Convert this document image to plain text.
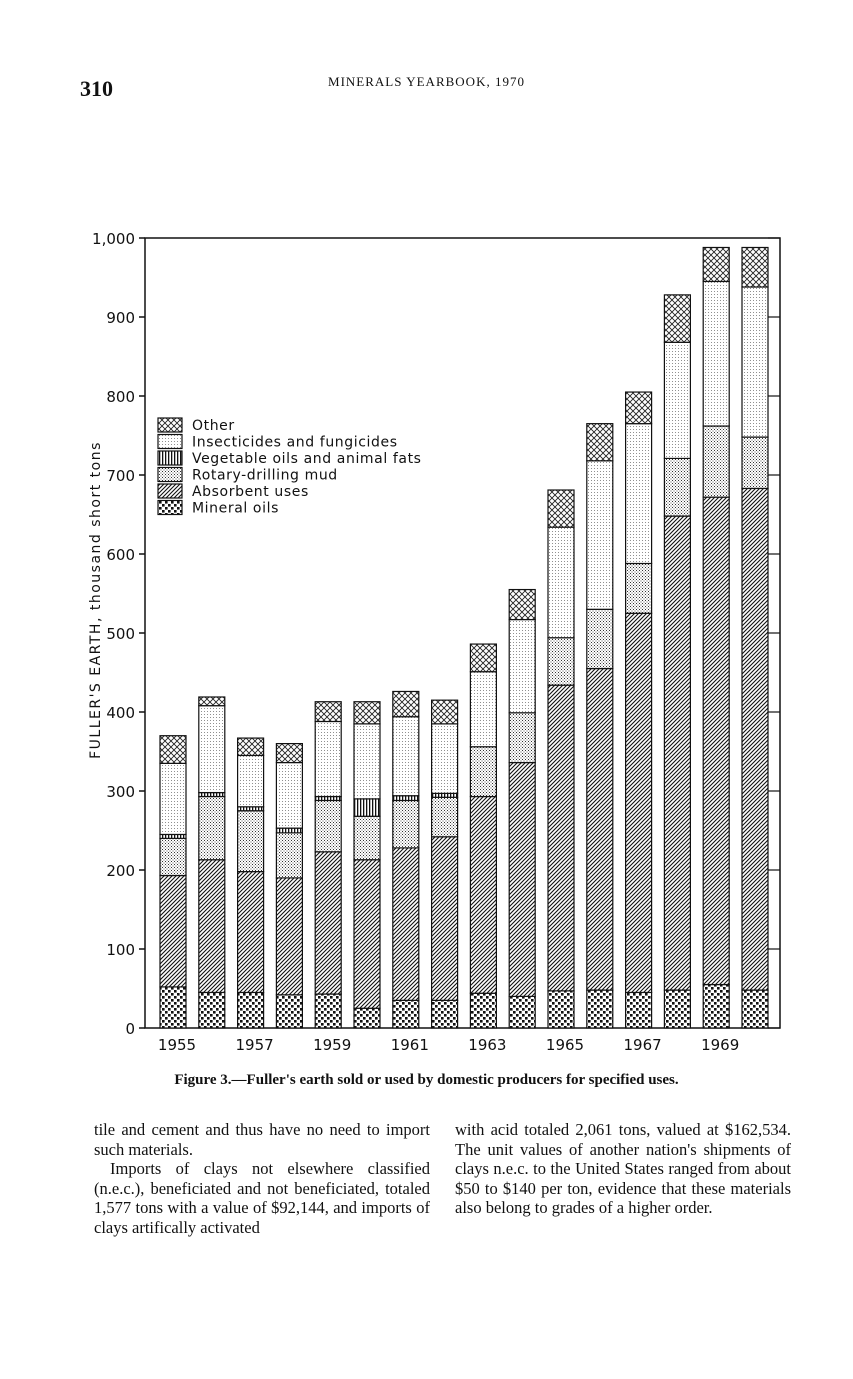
310	MINERALS YEARBOOK, 1970
0
100
200
300
400
500
600
700
800
900
1,000
1955	1957	1959	1961	1963	1965	1967	1969
Other
Insecticides and fungicides
Vegetable oils and animal fats
Rotary-drilling mud
Absorbent uses
Mineral oils
FULLER'S EARTH, thousand short tons
Figure 3.—Fuller's earth sold or used by domestic producers for specified uses.

tile and cement and thus have no need to import such materials.

Imports of clays not elsewhere classified (n.e.c.), beneficiated and not beneficiated, totaled 1,577 tons with a value of $92,144, and imports of clays artifically activated

with acid totaled 2,061 tons, valued at $162,534. The unit values of another nation's shipments of clays n.e.c. to the United States ranged from about $50 to $140 per ton, evidence that these materials also belong to grades of a higher order.
